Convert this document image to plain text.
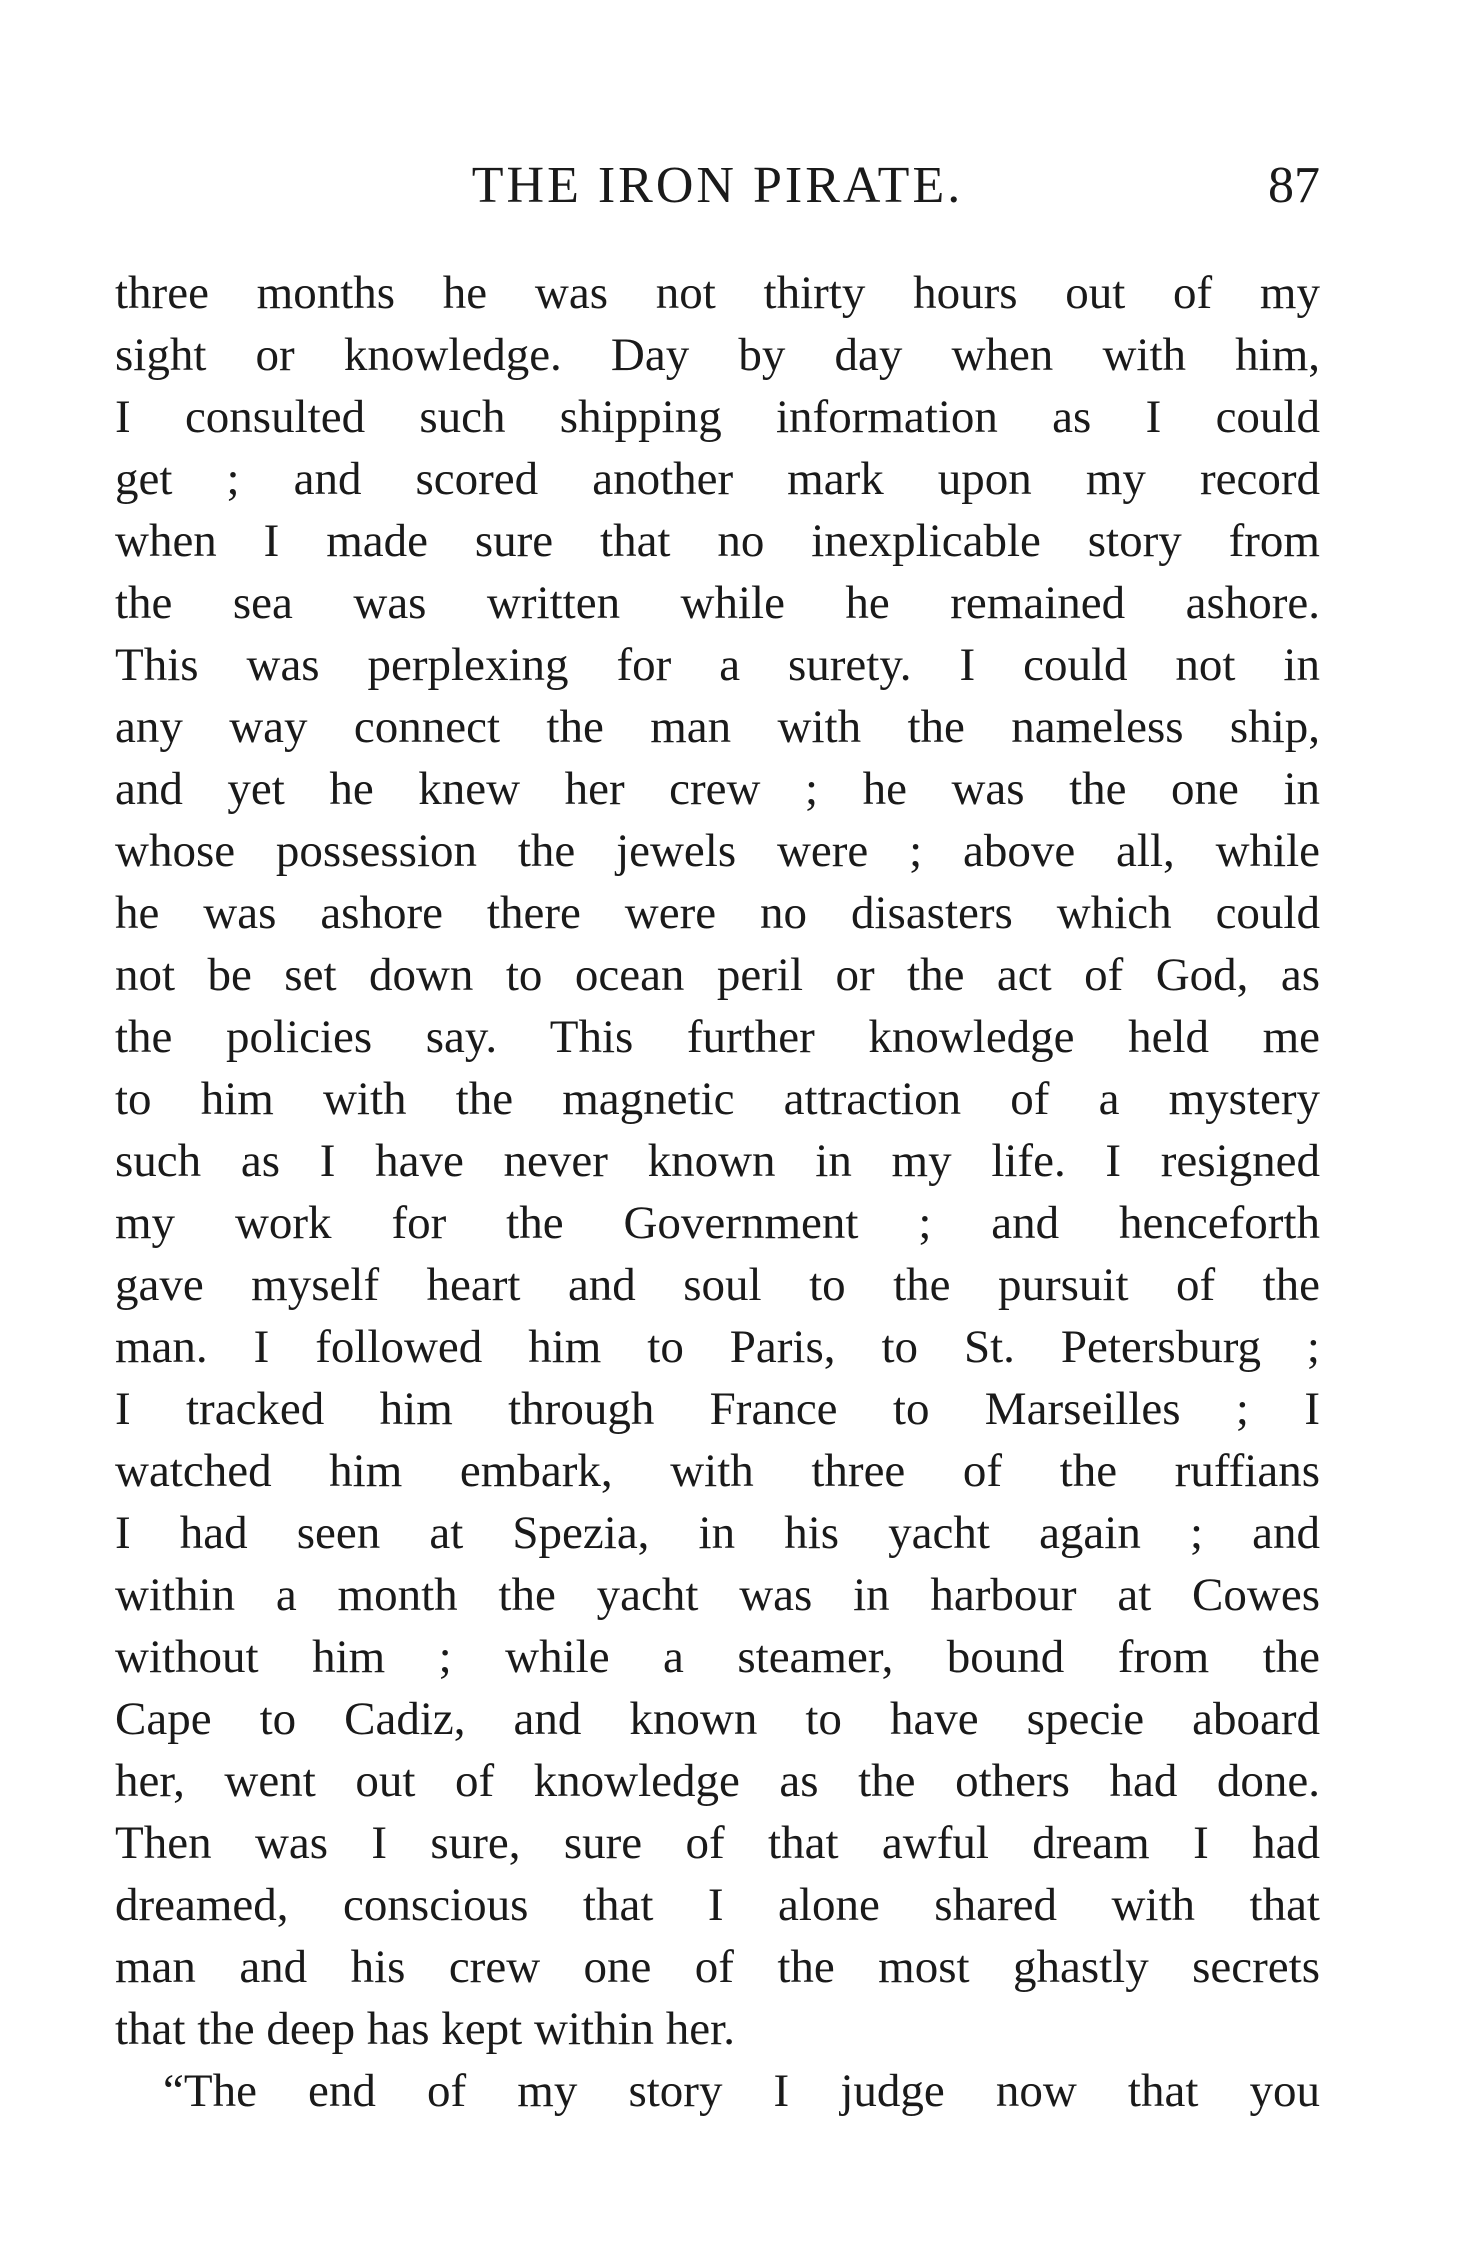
THE IRON PIRATE.	87
three months he was not thirty hours out of my
sight or knowledge. Day by day when with him,
I consulted such shipping information as I could
get ; and scored another mark upon my record
when I made sure that no inexplicable story from
the sea was written while he remained ashore.
This was perplexing for a surety. I could not in
any way connect the man with the nameless ship,
and yet he knew her crew ; he was the one in
whose possession the jewels were ; above all, while
he was ashore there were no disasters which could
not be set down to ocean peril or the act of God, as
the policies say. This further knowledge held me
to him with the magnetic attraction of a mystery
such as I have never known in my life. I resigned
my work for the Government ; and henceforth
gave myself heart and soul to the pursuit of the
man. I followed him to Paris, to St. Petersburg ;
I tracked him through France to Marseilles ; I
watched him embark, with three of the ruffians
I had seen at Spezia, in his yacht again ; and
within a month the yacht was in harbour at Cowes
without him ; while a steamer, bound from the
Cape to Cadiz, and known to have specie aboard
her, went out of knowledge as the others had done.
Then was I sure, sure of that awful dream I had
dreamed, conscious that I alone shared with that
man and his crew one of the most ghastly secrets
that the deep has kept within her.
“The end of my story I judge now that you
